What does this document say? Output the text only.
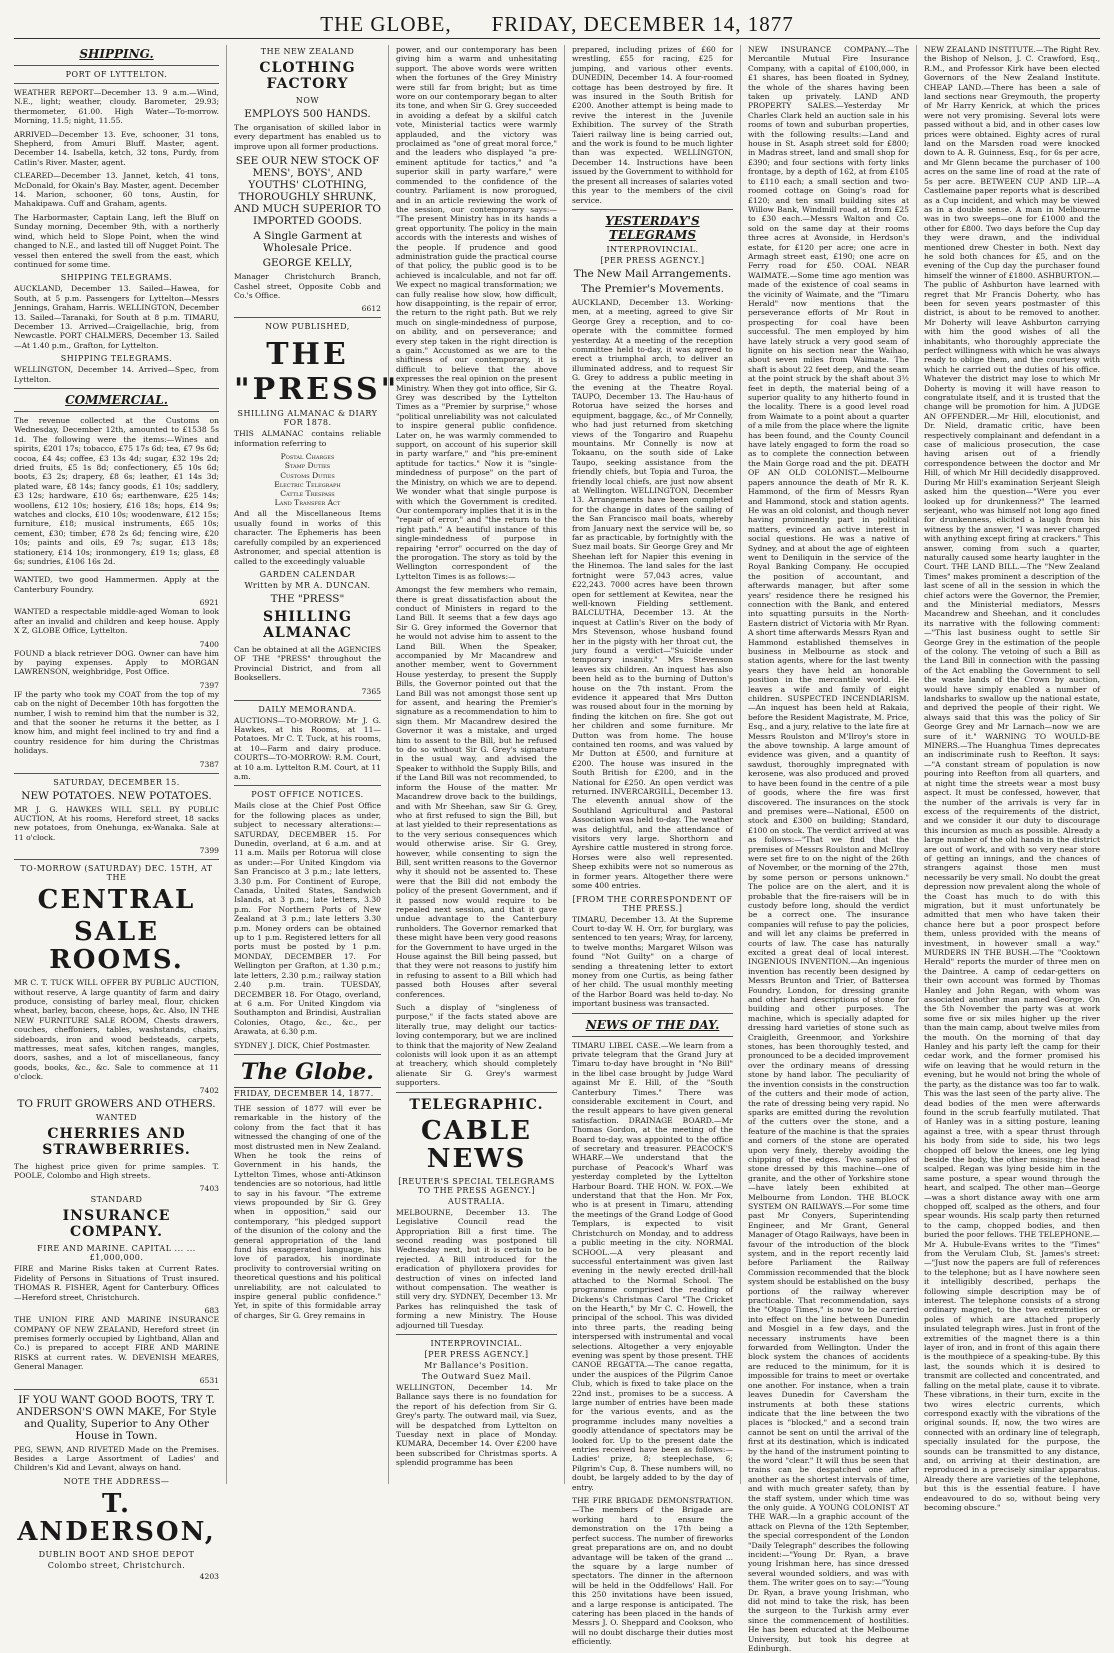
THE GLOBE, FRIDAY, DECEMBER 14, 1877
SHIPPING.
PORT OF LYTTELTON.

WEATHER REPORT—December 13. 9 a.m.—Wind, N.E., light; weather, cloudy. Barometer, 29.93; thermometer, 61.00. High Water—To-morrow. Morning, 11.5; night, 11.55.

ARRIVED—December 13. Eve, schooner, 31 tons, Shepherd, from Amuri Bluff. Master, agent. December 14. Isabella, ketch, 32 tons, Purdy, from Catlin's River. Master, agent.

CLEARED—December 13. Jannet, ketch, 41 tons, McDonald, for Okain's Bay. Master, agent. December 14. Marion, schooner, 60 tons, Austin, for Mahakipawa. Cuff and Graham, agents.

The Harbormaster, Captain Lang, left the Bluff on Sunday morning, December 9th, with a northerly wind, which held to Slope Point, when the wind changed to N.E., and lasted till off Nugget Point. The vessel then entered the swell from the east, which continued for some time.

SHIPPING TELEGRAMS.

AUCKLAND, December 13. Sailed—Hawea, for South, at 5 p.m. Passengers for Lyttelton—Messrs Jennings, Graham, Harris. WELLINGTON, December 13. Sailed—Taranaki, for South at 8 p.m. TIMARU, December 13. Arrived—Craigellachie, brig, from Newcastle. PORT CHALMERS, December 13. Sailed—At 1.40 p.m., Grafton, for Lyttelton.

SHIPPING TELEGRAMS.

WELLINGTON, December 14. Arrived—Spec, from Lyttelton.

COMMERCIAL.

The revenue collected at the Customs on Wednesday, December 12th, amounted to £1538 5s 1d. The following were the items:—Wines and spirits, £201 17s; tobacco, £75 17s 6d; tea, £7 9s 6d; cocoa, £4 4s; coffee, £3 13s 4d; sugar, £32 19s 2d; dried fruits, £5 1s 8d; confectionery, £5 10s 6d; boots, £3 2s; drapery, £8 6s; leather, £1 14s 3d; plated ware, £8 14s; fancy goods, £1 10s; saddlery, £3 12s; hardware, £10 6s; earthenware, £25 14s; woollens, £12 10s; hosiery, £16 18s; hops, £14 9s; watches and clocks, £10 10s; woodenware, £12 15s; furniture, £18; musical instruments, £65 10s; cement, £30; timber, £78 2s 6d; fencing wire, £20 10s; paints and oils, £9 7s; sugar, £13 18s; stationery, £14 10s; ironmongery, £19 1s; glass, £8 6s; sundries, £106 16s 2d.

WANTED, two good Hammermen. Apply at the Canterbury Foundry.

6921

WANTED a respectable middle-aged Woman to look after an invalid and children and keep house. Apply X Z, GLOBE Office, Lyttelton.

7400

FOUND a black retriever DOG. Owner can have him by paying expenses. Apply to MORGAN LAWRENSON, weighbridge, Post Office.

7397

IF the party who took my COAT from the top of my cab on the night of December 10th has forgotten the number, I wish to remind him that the number is 32, and that the sooner he returns it the better, as I know him, and might feel inclined to try and find a country residence for him during the Christmas holidays.

7387
SATURDAY, DECEMBER 15.
NEW POTATOES. NEW POTATOES.

MR J. G. HAWKES WILL SELL BY PUBLIC AUCTION, At his rooms, Hereford street, 18 sacks new potatoes, from Onehunga, ex-Wanaka. Sale at 11 o'clock.

7399
TO-MORROW (SATURDAY) DEC. 15TH, AT THE
CENTRAL
SALE ROOMS.

MR C. T. TUCK WILL OFFER BY PUBLIC AUCTION, without reserve, A large quantity of farm and dairy produce, consisting of barley meal, flour, chicken wheat, barley, bacon, cheese, hops, &c. Also, IN THE NEW FURNITURE SALE ROOM, Chests drawers, couches, cheffoniers, tables, washstands, chairs, sideboards, iron and wood bedsteads, carpets, mattresses, meat safes, kitchen ranges, mangles, doors, sashes, and a lot of miscellaneous, fancy goods, books, &c., &c. Sale to commence at 11 o'clock.

7402
TO FRUIT GROWERS AND OTHERS.
WANTED
CHERRIES AND STRAWBERRIES.

The highest price given for prime samples. T. POOLE, Colombo and High streets.

7403
STANDARD
INSURANCE COMPANY.
FIRE AND MARINE. CAPITAL ... ... £1,000,000.

FIRE and Marine Risks taken at Current Rates. Fidelity of Persons in Situations of Trust insured. THOMAS R. FISHER, Agent for Canterbury. Offices—Hereford street, Christchurch.

683

THE UNION FIRE AND MARINE INSURANCE COMPANY OF NEW ZEALAND, Hereford street (in premises formerly occupied by Lightband, Allan and Co.) is prepared to accept FIRE AND MARINE RISKS at current rates. W. DEVENISH MEARES, General Manager.

6531
IF YOU WANT GOOD BOOTS, TRY T. ANDERSON'S OWN MAKE, For Style and Quality, Superior to Any Other House in Town.

PEG, SEWN, AND RIVETED Made on the Premises. Besides a Large Assortment of Ladies' and Children's Kid and Levant, always on hand.

NOTE THE ADDRESS—
T. ANDERSON,
DUBLIN BOOT AND SHOE DEPOT
Colombo street, Christchurch.
4203
THE NEW ZEALAND
CLOTHING FACTORY
NOW
EMPLOYS 500 HANDS.

The organisation of skilled labor in every department has enabled us to improve upon all former productions.

SEE OUR NEW STOCK OF MENS', BOYS', AND YOUTHS' CLOTHING, THOROUGHLY SHRUNK, AND MUCH SUPERIOR TO IMPORTED GOODS.
A Single Garment at Wholesale Price.
GEORGE KELLY,

Manager Christchurch Branch, Cashel street, Opposite Cobb and Co.'s Office.

6612
NOW PUBLISHED,
THE "PRESS"
SHILLING ALMANAC & DIARY FOR 1878.

THIS ALMANAC contains reliable information referring to

Postal Charges
Stamp Duties
Customs Duties
Electric Telegraph
Cattle Trespass
Land Transfer Act

And all the Miscellaneous Items usually found in works of this character. The Ephemeris has been carefully compiled by an experienced Astronomer, and special attention is called to the exceedingly valuable

GARDEN CALENDAR
Written by MR A. DUNCAN.
THE "PRESS"
SHILLING ALMANAC

Can be obtained at all the AGENCIES OF THE "PRESS" throughout the Provincial District, and from all Booksellers.

7365
DAILY MEMORANDA.

AUCTIONS—TO-MORROW: Mr J. G. Hawkes, at his Rooms, at 11—Potatoes. Mr C. T. Tuck, at his rooms, at 10—Farm and dairy produce. COURTS—TO-MORROW: R.M. Court, at 10 a.m. Lyttelton R.M. Court, at 11 a.m.

POST OFFICE NOTICES.

Mails close at the Chief Post Office for the following places as under, subject to necessary alterations:— SATURDAY, DECEMBER 15. For Dunedin, overland, at 6 a.m. and at 11 a.m. Mails per Rotorua will close as under:—For United Kingdom via San Francisco at 3 p.m.; late letters, 3.30 p.m. For Continent of Europe, Canada, United States, Sandwich Islands, at 3 p.m.; late letters, 3.30 p.m. For Northern Ports of New Zealand at 3 p.m.; late letters 3.30 p.m. Money orders can be obtained up to 1 p.m. Registered letters for all ports must be posted by 1 p.m. MONDAY, DECEMBER 17. For Wellington per Grafton, at 1.30 p.m.; late letters, 2.30 p.m.; railway station 2.40 p.m. train. TUESDAY, DECEMBER 18. For Otago, overland, at 6 a.m. For United Kingdom via Southampton and Brindisi, Australian Colonies, Otago, &c., &c., per Arawata, at 6.30 p.m.

SYDNEY J. DICK, Chief Postmaster.

The Globe.
FRIDAY, DECEMBER 14, 1877.

THE session of 1877 will ever be remarkable in the history of the colony from the fact that it has witnessed the changing of one of the most distrusted men in New Zealand. When he took the reins of Government in his hands, the Lyttelton Times, whose anti-Atkinson tendencies are so notorious, had little to say in his favour. "The extreme views propounded by Sir G. Grey when in opposition," said our contemporary, "his pledged support of the disunion of the colony and the general appropriation of the land fund his exaggerated language, his love of paradox, his inordinate proclivity to controversial writing on theoretical questions and his political unreliability, are not calculated to inspire general public confidence." Yet, in spite of this formidable array of charges, Sir G. Grey remains in

power, and our contemporary has been giving him a warm and unhesitating support. The above words were written when the fortunes of the Grey Ministry were still far from bright; but as time wore on our contemporary began to alter its tone, and when Sir G. Grey succeeded in avoiding a defeat by a skilful catch vote, Ministerial tactics were warmly applauded, and the victory was proclaimed as "one of great moral force," and the leaders who displayed "a pre-eminent aptitude for tactics," and "a superior skill in party warfare," were commended to the confidence of the country. Parliament is now prorogued, and in an article reviewing the work of the session, our contemporary says:— "The present Ministry has in its hands a great opportunity. The policy in the main accords with the interests and wishes of the people. If prudence and good administration guide the practical course of that policy, the public good is to be achieved is incalculable, and not far off. We expect no magical transformation; we can fully realise how slow, how difficult, how disappointing, is the repair of error, the return to the right path. But we rely much on single-mindedness of purpose, on ability, and on perseverance; and every step taken in the right direction is a gain." Accustomed as we are to the shiftiness of our contemporary, it is difficult to believe that the above expresses the real opinion on the present Ministry. When they got into office, Sir G. Grey was described by the Lyttelton Times as a "Premier by surprise," whose "political unreliability was not calculated to inspire general public confidence. Later on, he was warmly commended to support, on account of his superior skill in party warfare," and "his pre-eminent aptitude for tactics." Now it is "single-mindedness of purpose" on the part of the Ministry, on which we are to depend. We wonder what that single purpose is with which the Government is credited. Our contemporary implies that it is in the "repair of error," and "the return to the right path." A beautiful instance of this single-mindedness of purpose in repairing "error" occurred on the day of the prorogation. The story as told by the Wellington correspondent of the Lyttelton Times is as follows:—

Amongst the few members who remain, there is great dissatisfaction about the conduct of Ministers in regard to the Land Bill. It seems that a few days ago Sir G. Grey informed the Governor that he would not advise him to assent to the Land Bill. When the Speaker, accompanied by Mr Macandrew and another member, went to Government House yesterday, to present the Supply Bills, the Governor pointed out that the Land Bill was not amongst those sent up for assent, and hearing the Premier's signature as a recommendation to him to sign them. Mr Macandrew desired the Governor it was a mistake, and urged him to assent to the Bill, but he refused to do so without Sir G. Grey's signature in the usual way, and advised the Speaker to withhold the Supply Bills, and if the Land Bill was not recommended, to inform the House of the matter. Mr Macandrew drove back to the buildings, and with Mr Sheehan, saw Sir G. Grey, who at first refused to sign the Bill, but at last yielded to their representations as to the very serious consequences which would otherwise arise. Sir G. Grey, however, while consenting to sign the Bill, sent written reasons to the Governor why it should not be assented to. These were that the Bill did not embody the policy of the present Government, and if it passed now would require to be repealed next session, and that it gave undue advantage to the Canterbury runholders. The Governor remarked that these might have been very good reasons for the Government to have urged in the House against the Bill being passed, but that they were not reasons to justify him in refusing to assent to a Bill which had passed both Houses after several conferences.

Such a display of "singleness of purpose," if the facts stated above are literally true, may delight our tactics-loving contemporary, but we are inclined to think that the majority of New Zealand colonists will look upon it as an attempt at treachery, which should completely alienate Sir G. Grey's warmest supporters.

TELEGRAPHIC.
CABLE NEWS
[REUTER'S SPECIAL TELEGRAMS TO THE PRESS AGENCY.]
AUSTRALIA.

MELBOURNE, December 13. The Legislative Council read the Appropriation Bill a first time. The second reading was postponed till Wednesday next, but it is certain to be rejected. A Bill introduced for the eradication of phylloxera provides for destruction of vines on infected land without compensation. The weather is still very dry. SYDNEY, December 13. Mr Parkes has relinquished the task of forming a new Ministry. The House adjourned till Tuesday.

INTERPROVINCIAL.
[PER PRESS AGENCY.]
Mr Ballance's Position.
The Outward Suez Mail.

WELLINGTON, December 14. Mr Ballance says there is no foundation for the report of his defection from Sir G. Grey's party. The outward mail, via Suez, will be despatched from Lyttelton on Tuesday next in place of Monday. KUMARA, December 14. Over £200 have been subscribed for Christmas sports. A splendid programme has been

prepared, including prizes of £60 for wrestling, £55 for racing, £25 for jumping, and various other events. DUNEDIN, December 14. A four-roomed cottage has been destroyed by fire. It was insured in the South British for £200. Another attempt is being made to revive the interest in the Juvenile Exhibition. The survey of the Strath Taieri railway line is being carried out, and the work is found to be much lighter than was expected. WELLINGTON, December 14. Instructions have been issued by the Government to withhold for the present all increases of salaries voted this year to the members of the civil service.

YESTERDAY'S TELEGRAMS
INTERPROVINCIAL.
[PER PRESS AGENCY.]
The New Mail Arrangements.
The Premier's Movements.

AUCKLAND, December 13. Working-men, at a meeting, agreed to give Sir George Grey a reception, and to co-operate with the committee formed yesterday. At a meeting of the reception committee held to-day, it was agreed to erect a triumphal arch, to deliver an illuminated address, and to request Sir G. Grey to address a public meeting in the evening at the Theatre Royal. TAUPO, December 13. The Hau-haus of Rotorua have seized the horses and equipment, baggage, &c., of Mr Connelly, who had just returned from sketching views of the Tongariro and Ruapehu mountains. Mr Connelly is now at Tokaanu, on the south side of Lake Taupo, seeking assistance from the friendly chiefs, but Topia and Turoa, the friendly local chiefs, are just now absent at Wellington. WELLINGTON, December 13. Arrangements have been completed for the change in dates of the sailing of the San Francisco mail boats, whereby from January next the service will be, so far as practicable, by fortnightly with the Suez mail boats. Sir George Grey and Mr Sheehan left for Napier this evening in the Hinemoa. The land sales for the last fortnight were 57,043 acres, value £22,243. 7000 acres have been thrown open for settlement at Kewitea, near the well-known Fielding settlement. BALCLUTHA, December 13. At the inquest at Catlin's River on the body of Mrs Stevenson, whose husband found her in the pigsty with her throat cut, the jury found a verdict—"Suicide under temporary insanity." Mrs Stevenson leaves six children. An inquest has also been held as to the burning of Dutton's house on the 7th instant. From the evidence it appeared that Mrs Dutton was roused about four in the morning by finding the kitchen on fire. She got out her children and some furniture. Mr Dutton was from home. The house contained ten rooms, and was valued by Mr Dutton at £500, and furniture at £200. The house was insured in the South British for £200, and in the National for £250. An open verdict was returned. INVERCARGILL, December 13. The eleventh annual show of the Southland Agricultural and Pastoral Association was held to-day. The weather was delightful, and the attendance of visitors very large. Shorthorn and Ayrshire cattle mustered in strong force. Horses were also well represented. Sheep exhibits were not so numerous as in former years. Altogether there were some 400 entries.

[FROM THE CORRESPONDENT OF THE PRESS.]

TIMARU, December 13. At the Supreme Court to-day W. H. Orr, for burglary, was sentenced to ten years; Wray, for larceny, to twelve months; Margaret Wilson was found "Not Guilty" on a charge of sending a threatening letter to extort money from one Curtis, as being father of her child. The usual monthly meeting of the Harbor Board was held to-day. No important business was transacted.

NEWS OF THE DAY.

TIMARU LIBEL CASE.—We learn from a private telegram that the Grand Jury at Timaru to-day have brought in "No Bill" in the libel case brought by Judge Ward against Mr E. Hill, of the "South Canterbury Times." There was considerable excitement in Court, and the result appears to have given general satisfaction. DRAINAGE BOARD.—Mr Thomas Gordon, at the meeting of the Board to-day, was appointed to the office of secretary and treasurer. PEACOCK'S WHARF.—We understand that the purchase of Peacock's Wharf was yesterday completed by the Lyttelton Harbour Board. THE HON. W. FOX.—We understand that that the Hon. Mr Fox, who is at present in Timaru, attending the meetings of the Grand Lodge of Good Templars, is expected to visit Christchurch on Monday, and to address a public meeting in the city. NORMAL SCHOOL.—A very pleasant and successful entertainment was given last evening in the newly erected drill-hall attached to the Normal School. The programme comprised the reading of Dickens's Christmas Carol "The Cricket on the Hearth," by Mr C. C. Howell, the principal of the school. This was divided into three parts, the reading being interspersed with instrumental and vocal selections. Altogether a very enjoyable evening was spent by those present. THE CANOE REGATTA.—The canoe regatta, under the auspices of the Pilgrim Canoe Club, which is fixed to take place on the 22nd inst., promises to be a success. A large number of entries have been made for the various events, and as the programme includes many novelties a goodly attendance of spectators may be looked for. Up to the present date the entries received have been as follows:—Ladies' prize, 8; steeplechase, 6; Pilgrim's Cup, 8. These numbers will, no doubt, be largely added to by the day of entry.

THE FIRE BRIGADE DEMONSTRATION.—The members of the Brigade are working hard to ensure the demonstration on the 17th being a perfect success. The number of fireworks great preparations are on, and no doubt advantage will be taken of the grand ... the square by a large number of spectators. The dinner in the afternoon will be held in the Oddfellows' Hall. For this 250 invitations have been issued, and a large response is anticipated. The catering has been placed in the hands of Messrs J. O. Sheppard and Cookson, who will no doubt discharge their duties most efficiently.

NEW INSURANCE COMPANY.—The Mercantile Mutual Fire Insurance Company, with a capital of £100,000, in £1 shares, has been floated in Sydney, the whole of the shares having been taken up privately. LAND AND PROPERTY SALES.—Yesterday Mr Charles Clark held an auction sale in his rooms of town and suburban properties, with the following results:—Land and house in St. Asaph street sold for £800; in Madras street, land and small shop for £390; and four sections with forty links frontage, by a depth of 162, at from £105 to £110 each; a small section and two-roomed cottage on Going's road for £120; and ten small building sites at Willow Bank, Windmill road, at from £25 to £30 each.—Messrs Walton and Co. sold on the same day at their rooms three acres at Avonside, in Herdson's estate, for £120 per acre; one acre in Armagh street east, £190; one acre on Ferry road for £50. COAL NEAR WAIMATE.—Some time ago mention was made of the existence of coal seams in the vicinity of Waimate, and the "Timaru Herald" now mentions that the perseverance efforts of Mr Rout in prospecting for coal have been successful. The men employed by him have lately struck a very good seam of lignite on his section near the Waihao, about seven miles from Waimate. The shaft is about 22 feet deep, and the seam at the point struck by the shaft about 3½ feet in depth, the material being of a superior quality to any hitherto found in the locality. There is a good level road from Waimate to a point about a quarter of a mile from the place where the lignite has been found, and the County Council have lately engaged to form the road so as to complete the connection between the Main Gorge road and the pit. DEATH OF AN OLD COLONIST.—Melbourne papers announce the death of Mr R. K. Hammond, of the firm of Messrs Ryan and Hammond, stock and station agents. He was an old colonist, and though never having prominently part in political matters, evinced an active interest in social questions. He was a native of Sydney, and at about the age of eighteen went to Deniliquin in the service of the Royal Banking Company. He occupied the position of accountant, and afterwards manager, but after some years' residence there he resigned his connection with the Bank, and entered into squatting pursuits in the North-Eastern district of Victoria with Mr Ryan. A short time afterwards Messrs Ryan and Hammond established themselves in business in Melbourne as stock and station agents, where for the last twenty years they have held an honorable position in the mercantile world. He leaves a wife and family of eight children. SUSPECTED INCENDIARISM.—An inquest has been held at Rakaia, before the Resident Magistrate, M. Price, Esq., and a jury, relative to the late fire at Messrs Roulston and M'Ilroy's store in the above township. A large amount of evidence was given, and a quantity of sawdust, thoroughly impregnated with kerosene, was also produced and proved to have been found in the centre of a pile of goods, where the fire was first discovered. The insurances on the stock and premises were—National, £500 on stock and £300 on building; Standard, £100 on stock. The verdict arrived at was as follows:—"That we find that the premises of Messrs Roulston and McIlroy were set fire to on the night of the 26th of November, or the morning of the 27th, by some person or persons unknown." The police are on the alert, and it is probable that the fire-raisers will be in custody before long, should the verdict be a correct one. The insurance companies will refuse to pay the policies, and will let any claims be preferred in courts of law. The case has naturally excited a great deal of local interest. INGENIOUS INVENTION.—An ingenious invention has recently been designed by Messrs Brunton and Trier, of Battersea Foundry, London, for dressing granite and other hard descriptions of stone for building and other purposes. The machine, which is specially adapted for dressing hard varieties of stone such as Craigleith, Greenmoor, and Yorkshire stones, has been thoroughly tested, and pronounced to be a decided improvement over the ordinary means of dressing stone by hand labor. The peculiarity of the invention consists in the construction of the cutters and their mode of action, the rate of dressing being very rapid. No sparks are emitted during the revolution of the cutters over the stone, and a feature of the machine is that the spraies and corners of the stone are operated upon very finely, thereby avoiding the chipping of the edges. Two samples of stone dressed by this machine—one of granite, and the other of Yorkshire stone—have lately been exhibited at Melbourne from London. THE BLOCK SYSTEM ON RAILWAYS.—For some time past Mr Conyers, Superintending Engineer, and Mr Grant, General Manager of Otago Railways, have been in favour of the introduction of the block system, and in the report recently laid before Parliament the Railway Commission recommended that the block system should be established on the busy portions of the railway wherever practicable. That recommendation, says the "Otago Times," is now to be carried into effect on the line between Dunedin and Mosgiel in a few days, and the necessary instruments have been forwarded from Wellington. Under the block system the chances of accidents are reduced to the minimum, for it is impossible for trains to meet or overtake one another. For instance, when a train leaves Dunedin for Caversham the instruments at both these stations indicate that the line between the two places is "blocked," and a second train cannot be sent on until the arrival of the first at its destination, which is indicated by the hand of the instrument pointing to the word "clear." It will thus be seen that trains can be despatched one after another as the shortest intervals of time, and with much greater safety, than by the staff system, under which time was the only guide. A YOUNG COLONIST AT THE WAR.—In a graphic account of the attack on Plevna of the 12th September, the special correspondent of the London "Daily Telegraph" describes the following incident:—"Young Dr. Ryan, a brave young Irishman here, has since dressed several wounded soldiers, and was with them. The writer goes on to say:—"Young Dr. Ryan, a brave young Irishman, who did not mind to take the risk, has been the surgeon to the Turkish army ever since the commencement of hostilities. He has been educated at the Melbourne University, but took his degree at Edinburgh.

NEW ZEALAND INSTITUTE.—The Right Rev. the Bishop of Nelson, J. C. Crawford, Esq., R.M., and Professor Kirk have been elected Governors of the New Zealand Institute. CHEAP LAND.—There has been a sale of land sections near Greymouth, the property of Mr Harry Kenrick, at which the prices were not very promising. Several lots were passed without a bid, and in other cases low prices were obtained. Eighty acres of rural land on the Marsden road were knocked down to A. R. Guinness, Esq., for 6s per acre, and Mr Glenn became the purchaser of 100 acres on the same line of road at the rate of 5s per acre. BETWEEN CUP AND LIP.—A Castlemaine paper reports what is described as a Cup incident, and which may be viewed as in a double sense. A man in Melbourne was in two sweeps—one for £1000 and the other for £800. Two days before the Cup day they were drawn, and the individual mentioned drew Chester in both. Next day he sold both chances for £5, and on the evening of the Cup day the purchaser found himself the winner of £1800. ASHBURTON.—The public of Ashburton have learned with regret that Mr Francis Doherty, who has been for seven years postmaster of this district, is about to be removed to another. Mr Doherty will leave Ashburton carrying with him the good wishes of all the inhabitants, who thoroughly appreciate the perfect willingness with which he was always ready to oblige them, and the courtesy with which he carried out the duties of his office. Whatever the district may lose to which Mr Doherty is moving it will have reason to congratulate itself, and it is trusted that the change will be promotion for him. A JUDGE AN OFFENDER.—Mr Hill, elocutionist, and Dr. Nield, dramatic critic, have been respectively complainant and defendant in a case of malicious prosecution, the case having arisen out of a friendly correspondence between the doctor and Mr Hill, of which Mr Hill decidedly disapproved. During Mr Hill's examination Serjeant Sleigh asked him the question—"Were you ever looked up for drunkenness?" The learned serjeant, who was himself not long ago fined for drunkenness, elicited a laugh from his witness by the answer, "I was never charged with anything except firing at crackers." This answer, coming from such a quarter, naturally caused some hearty laughter in the Court. THE LAND BILL.—The "New Zealand Times" makes prominent a description of the last scene of all in the session in which the chief actors were the Governor, the Premier, and the Ministerial mediators, Messrs Macandrew and Sheehan, and it concludes its narrative with the following comment:—"This last business ought to settle Sir George Grey in the estimation of the people of the colony. The vetoing of such a Bill as the Land Bill in connection with the passing of the Act enabling the Government to sell the waste lands of the Crown by auction, would have simply enabled a number of landsharks to swallow up the national estate, and deprived the people of their right. We always said that this was the policy of Sir George Grey and Mr Larnach—now we are sure of it." WARNING TO WOULD-BE MINERS.—The Huanghua Times deprecates an indiscriminate rush to Reefton. It says:—"A constant stream of population is now pouring into Reefton from all quarters, and at night time the streets wear a most busy aspect. It must be confessed, however, that the number of the arrivals is very far in excess of the requirements of the district, and we consider it our duty to discourage this incursion as much as possible. Already a large number of the old hands in the district are out of work, and with so very near store of getting an innings, and the chances of strangers against those men must necessarily be very small. No doubt the great depression now prevalent along the whole of the Coast has much to do with this migration, but it must unfortunately be admitted that men who have taken their chance here but a poor prospect before them, unless provided with the means of investment, in however small a way." MURDERS IN THE BUSH.—The "Cooktown Herald" reports the murder of three men on the Daintree. A camp of cedar-getters on their own account was formed by Thomas Hanley and John Regan, with whom was associated another man named George. On the 5th November the party was at work some five or six miles higher up the river than the main camp, about twelve miles from the mouth. On the morning of that day Hanley and his party left the camp for their cedar work, and the former promised his wife on leaving that he would return in the evening, but he would not bring the whole of the party, as the distance was too far to walk. This was the last seen of the party alive. The dead bodies of the men were afterwards found in the scrub fearfully mutilated. That of Hanley was in a sitting posture, leaning against a tree, with a spear thrust through his body from side to side, his two legs chopped off below the knees, one leg lying beside the body, the other missing; the head scalped. Regan was lying beside him in the same posture, a spear wound through the heart, and scalped. The other man—George—was a short distance away with one arm chopped off, scalped as the others, and four spear wounds. His scalp party then returned to the camp, chopped bodies, and then buried the poor fellows. THE TELEPHONE.—Mr A. Hubule-Evans writes to the "Times" from the Verulam Club, St. James's street:—"Just now the papers are full of references to the telephone; but as I have nowhere seen it intelligibly described, perhaps the following simple description may be of interest. The telephone consists of a strong ordinary magnet, to the two extremities or poles of which are attached properly insulated telegraph wires. Just in front of the extremities of the magnet there is a thin layer of iron, and in front of this again there is the mouthpiece of a speaking-tube. By this last, the sounds which it is desired to transmit are collected and concentrated, and falling on the metal plate, cause it to vibrate. These vibrations, in their turn, excite in the two wires electric currents, which correspond exactly with the vibrations of the original sounds. If, now, the two wires are connected with an ordinary line of telegraph, specially insulated for the purpose, the sounds can be transmitted to any distance, and, on arriving at their destination, are reproduced in a precisely similar apparatus. Already there are varieties of the telephone, but this is the essential feature. I have endeavoured to do so, without being very becoming obscure."
